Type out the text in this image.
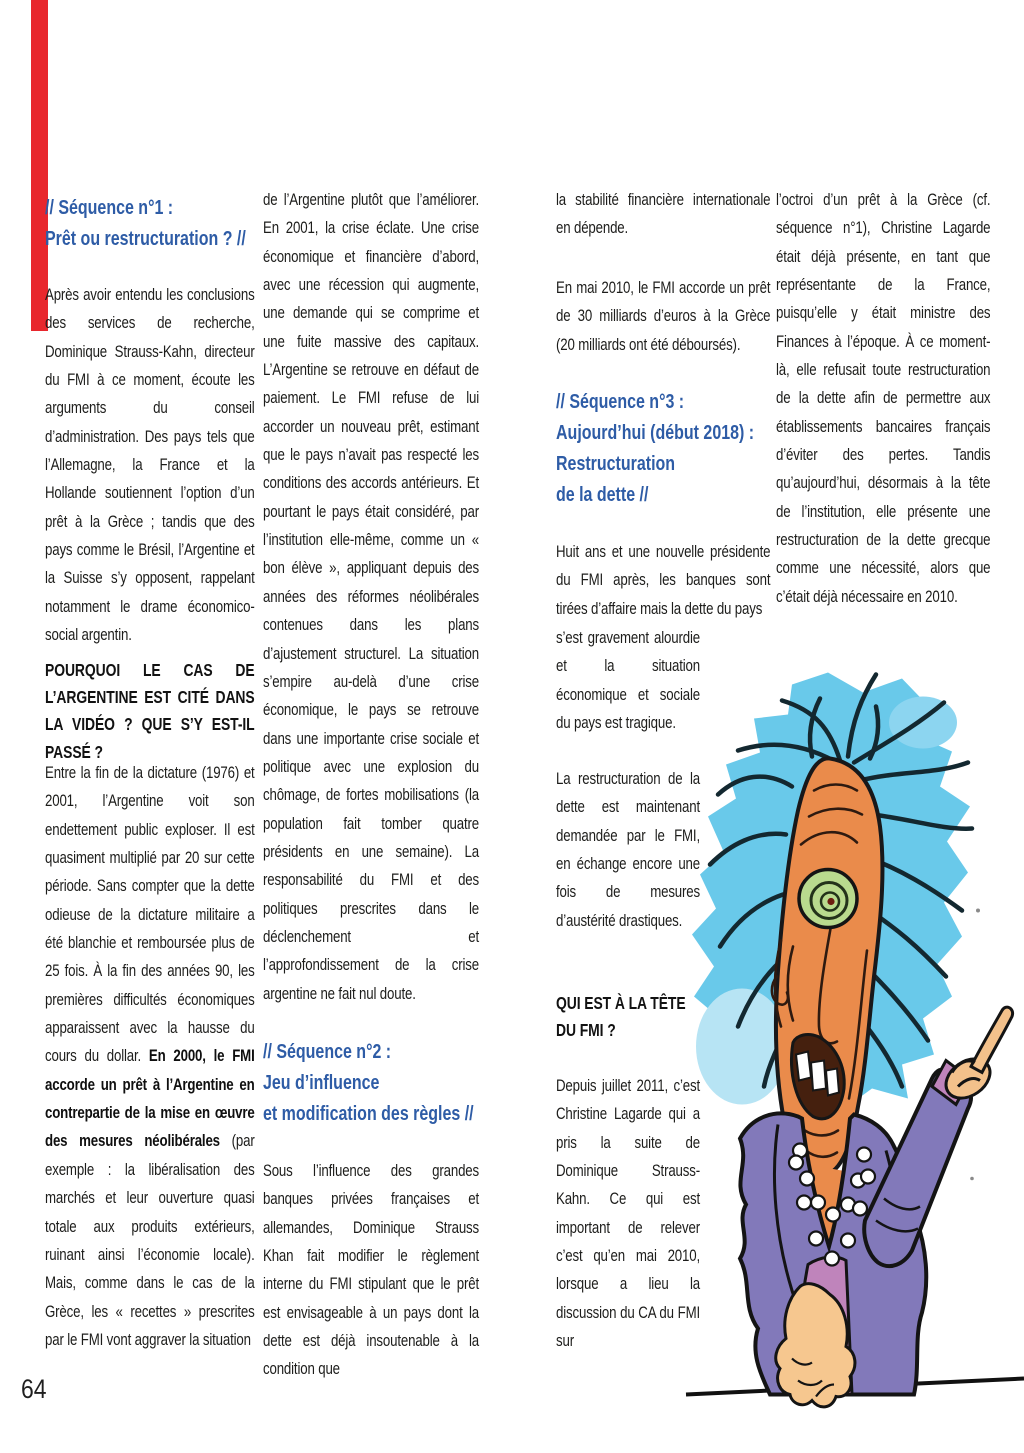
// Séquence n°1 :
Prêt ou restructuration ? //

Après avoir entendu les conclusions des services de recherche, Dominique Strauss-Kahn, directeur du FMI à ce moment, écoute les arguments du conseil d’administration. Des pays tels que l’Allemagne, la France et la Hollande soutiennent l’option d’un prêt à la Grèce ; tandis que des pays comme le Brésil, l’Argentine et la Suisse s’y opposent, rappelant notamment le drame économico-social argentin.

POURQUOI LE CAS DE L’ARGENTINE EST CITÉ DANS LA VIDÉO ? QUE S’Y EST-IL PASSÉ ?

Entre la fin de la dictature (1976) et 2001, l’Argentine voit son endettement public exploser. Il est quasiment multiplié par 20 sur cette période. Sans compter que la dette odieuse de la dictature militaire a été blanchie et remboursée plus de 25 fois. À la fin des années 90, les premières difficultés économiques apparaissent avec la hausse du cours du dollar. En 2000, le FMI accorde un prêt à l’Argentine en contrepartie de la mise en œuvre des mesures néolibérales (par exemple : la libéralisation des marchés et leur ouverture quasi totale aux produits extérieurs, ruinant ainsi l’économie locale). Mais, comme dans le cas de la Grèce, les « recettes » prescrites par le FMI vont aggraver la situation

de l’Argentine plutôt que l’améliorer. En 2001, la crise éclate. Une crise économique et financière d’abord, avec une récession qui augmente, une demande qui se comprime et une fuite massive des capitaux. L’Argentine se retrouve en défaut de paiement. Le FMI refuse de lui accorder un nouveau prêt, estimant que le pays n’avait pas respecté les conditions des accords antérieurs. Et pourtant le pays était considéré, par l’institution elle-même, comme un « bon élève », appliquant depuis des années des réformes néolibérales contenues dans les plans d’ajustement structurel. La situation s’empire au-delà d’une crise économique, le pays se retrouve dans une importante crise sociale et politique avec une explosion du chômage, de fortes mobilisations (la population fait tomber quatre présidents en une semaine). La responsabilité du FMI et des politiques prescrites dans le déclenchement et l’approfondissement de la crise argentine ne fait nul doute.

// Séquence n°2 :
Jeu d’influence
et modification des règles //

Sous l’influence des grandes banques privées françaises et allemandes, Dominique Strauss Khan fait modifier le règlement interne du FMI stipulant que le prêt est envisageable à un pays dont la dette est déjà insoutenable à la condition que

la stabilité financière internationale en dépende.

En mai 2010, le FMI accorde un prêt de 30 milliards d’euros à la Grèce (20 milliards ont été déboursés).

// Séquence n°3 :
Aujourd’hui (début 2018) :
Restructuration
de la dette //

Huit ans et une nouvelle présidente du FMI après, les banques sont tirées d’affaire mais la dette du pays

s’est gravement alourdie et la situation économique et sociale du pays est tragique.

La restructuration de la dette est maintenant demandée par le FMI, en échange encore une fois de mesures d’austérité drastiques.

QUI EST À LA TÊTE DU FMI ?

Depuis juillet 2011, c’est Christine Lagarde qui a pris la suite de Dominique Strauss-Kahn. Ce qui est important de relever c’est qu’en mai 2010, lorsque a lieu la discussion du CA du FMI sur

l’octroi d’un prêt à la Grèce (cf. séquence n°1), Christine Lagarde était déjà présente, en tant que représentante de la France, puisqu’elle y était ministre des Finances à l’époque. À ce moment-là, elle refusait toute restructuration de la dette afin de permettre aux établissements bancaires français d’éviter des pertes. Tandis qu’aujourd’hui, désormais à la tête de l’institution, elle présente une restructuration de la dette grecque comme une nécessité, alors que c’était déjà nécessaire en 2010.

64
